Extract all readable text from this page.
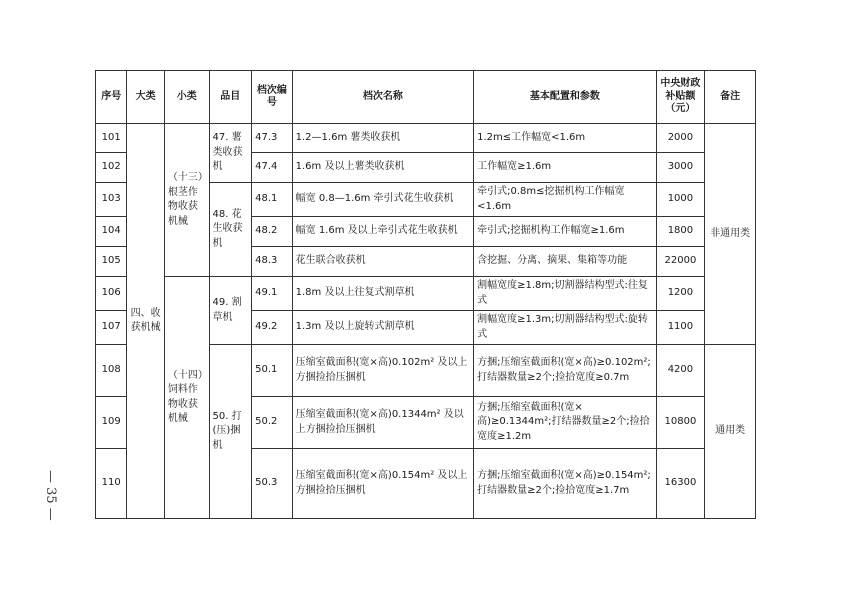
序号	大类	小类	品目	档次编号	档次名称	基本配置和参数	中央财政补贴额（元）	备注
101	四、收获机械	（十三）根茎作物收获机械	47. 薯类收获机	47.3	1.2—1.6m 薯类收获机	1.2m≤工作幅宽<1.6m	2000	非通用类
102				47.4	1.6m 及以上薯类收获机	工作幅宽≥1.6m	3000	
103			48. 花生收获机	48.1	幅宽 0.8—1.6m 牵引式花生收获机	牵引式;0.8m≤挖掘机构工作幅宽<1.6m	1000	
104				48.2	幅宽 1.6m 及以上牵引式花生收获机	牵引式;挖掘机构工作幅宽≥1.6m	1800	
105				48.3	花生联合收获机	含挖掘、分离、摘果、集箱等功能	22000	
106		（十四）饲料作物收获机械	49. 割草机	49.1	1.8m 及以上往复式割草机	割幅宽度≥1.8m;切割器结构型式:往复式	1200	
107				49.2	1.3m 及以上旋转式割草机	割幅宽度≥1.3m;切割器结构型式:旋转式	1100	
108			50. 打(压)捆机	50.1	压缩室截面积(宽×高)0.102m² 及以上方捆捡拾压捆机	方捆;压缩室截面积(宽×高)≥0.102m²;打结器数量≥2个;捡拾宽度≥0.7m	4200	通用类
109				50.2	压缩室截面积(宽×高)0.1344m² 及以上方捆捡拾压捆机	方捆;压缩室截面积(宽×高)≥0.1344m²;打结器数量≥2个;捡拾宽度≥1.2m	10800	
110				50.3	压缩室截面积(宽×高)0.154m² 及以上方捆捡拾压捆机	方捆;压缩室截面积(宽×高)≥0.154m²;打结器数量≥2个;捡拾宽度≥1.7m	16300	
— 35 —
